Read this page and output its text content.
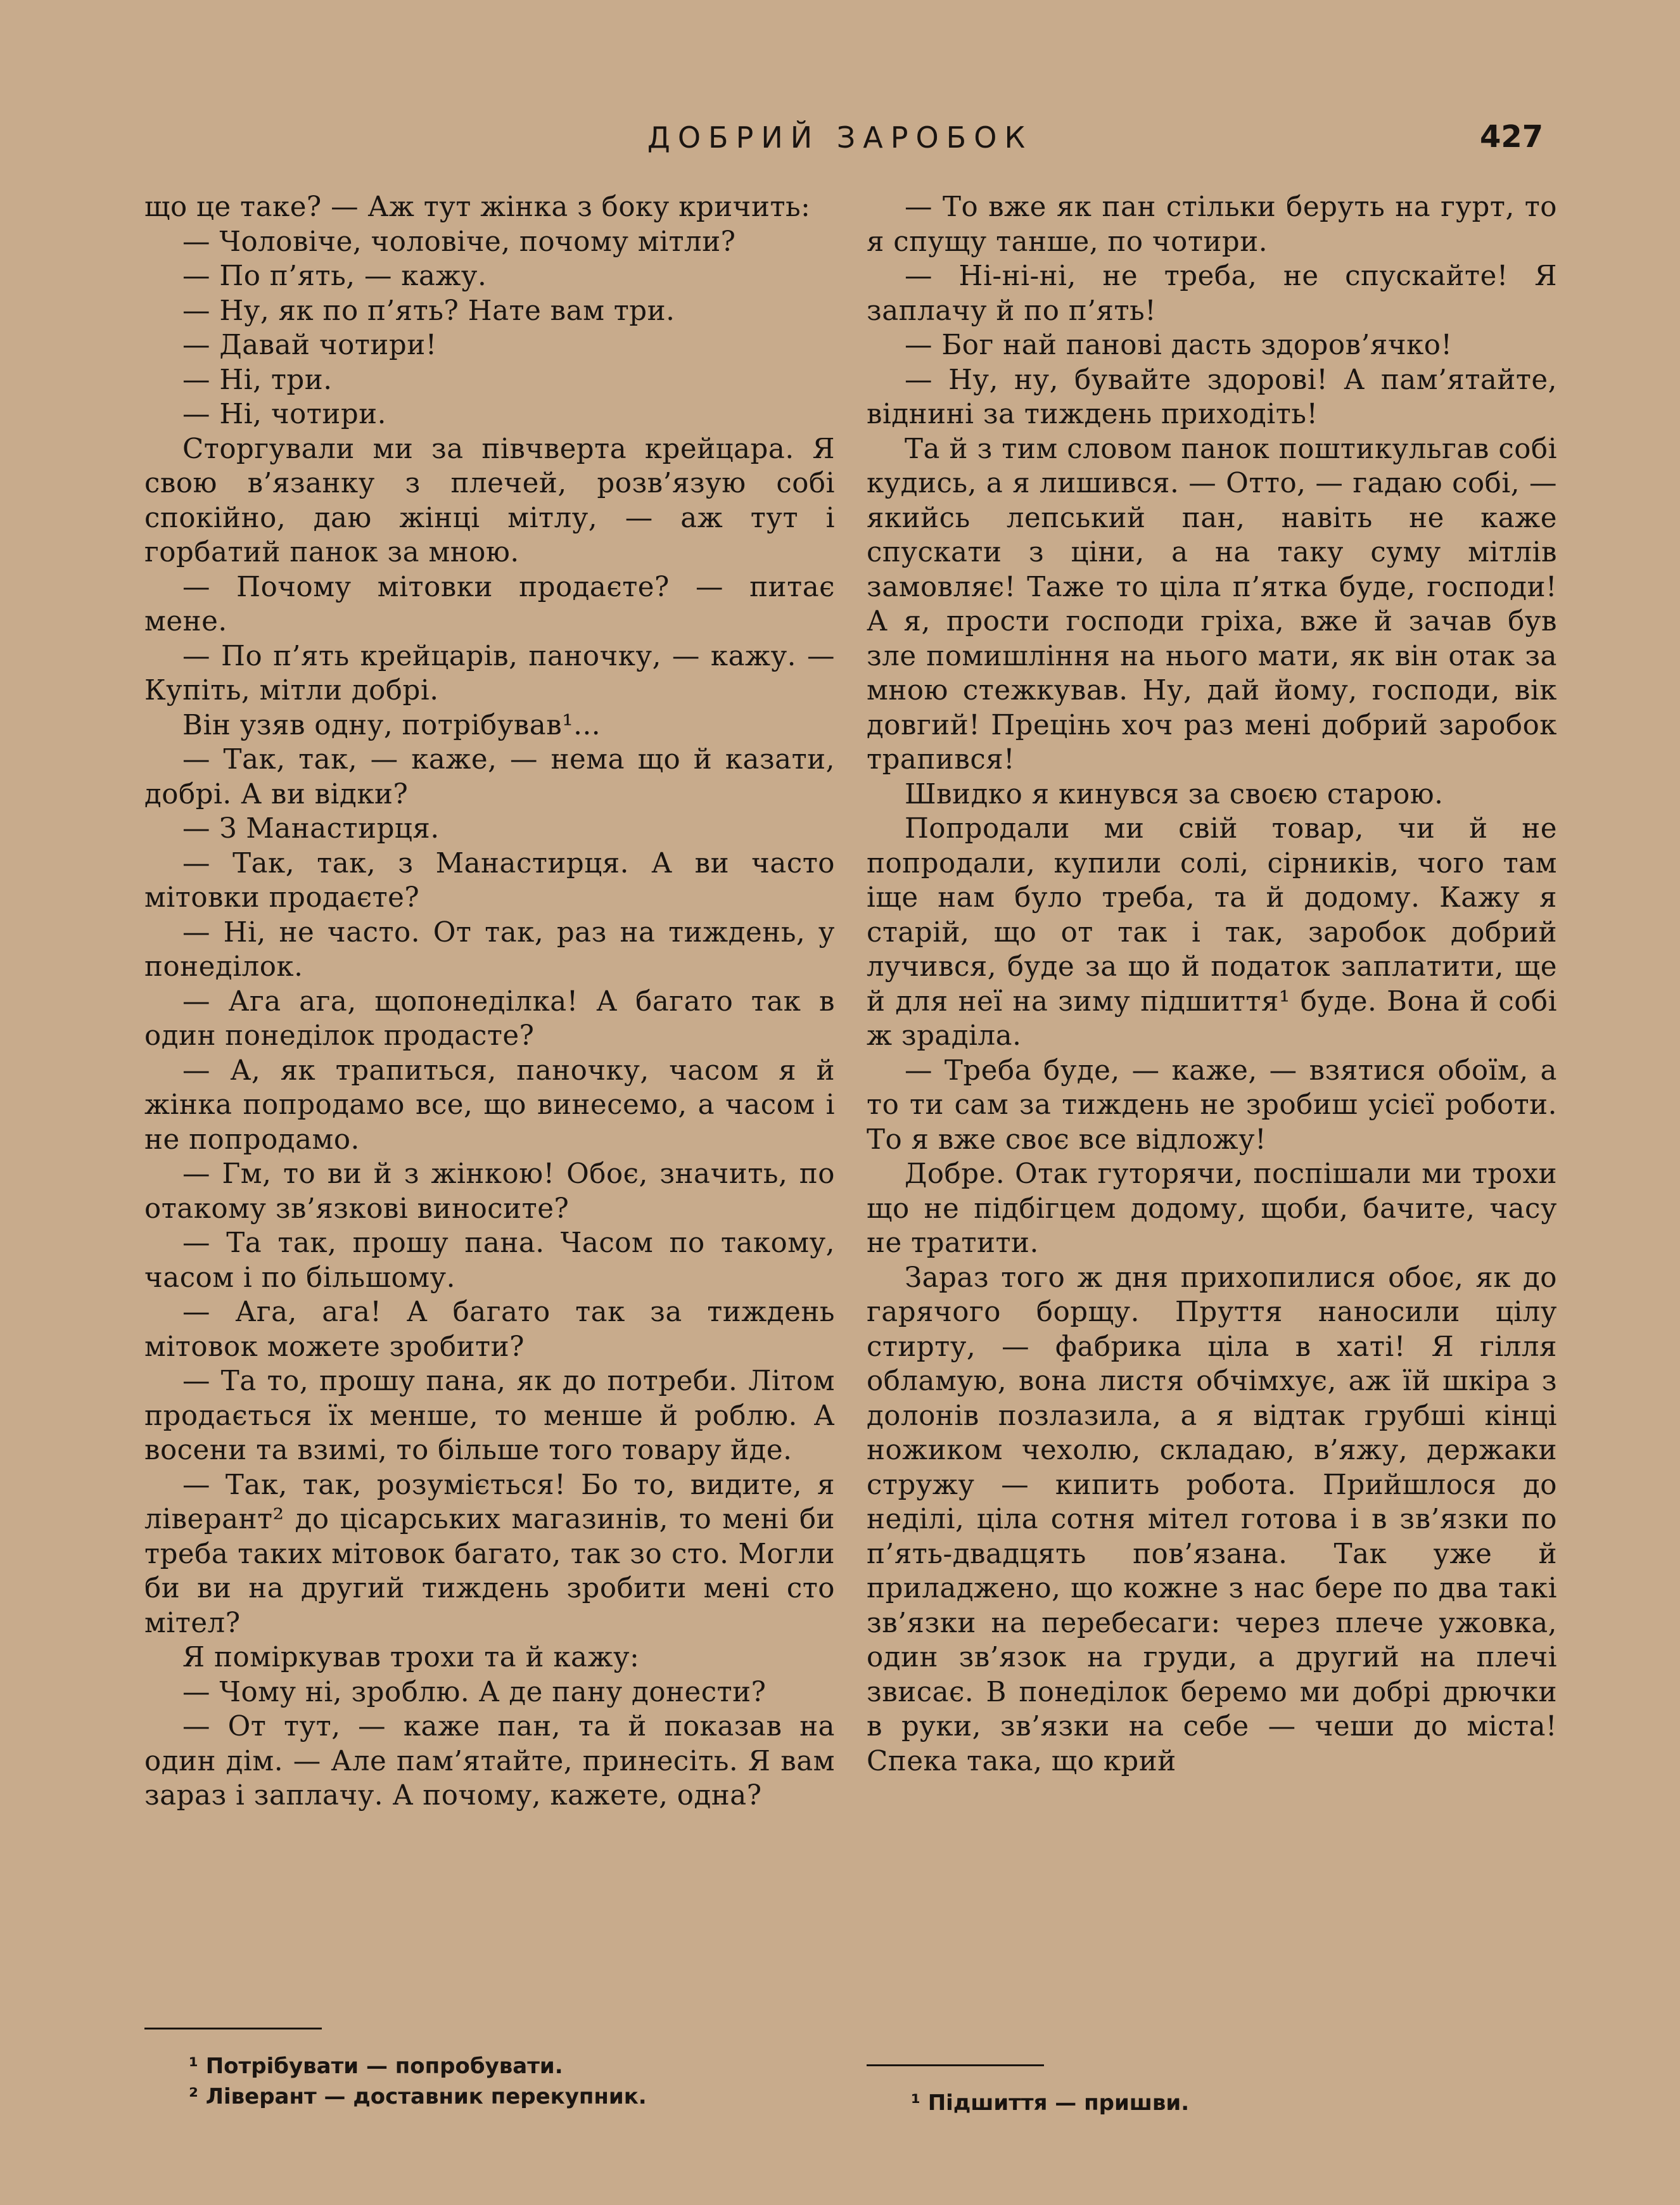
ДОБРИЙ ЗАРОБОК	427

що це таке? — Аж тут жінка з боку кричить:

— Чоловіче, чоловіче, почому мітли?

— По п’ять, — кажу.

— Ну, як по п’ять? Нате вам три.

— Давай чотири!

— Ні, три.

— Ні, чотири.

Сторгували ми за півчверта крейцара. Я свою в’язанку з плечей, розв’язую собі спокійно, даю жінці мітлу, — аж тут і горбатий панок за мною.

— Почому мітовки продаєте? — питає мене.

— По п’ять крейцарів, паночку, — кажу. — Купіть, мітли добрі.

Він узяв одну, потрібував¹...

— Так, так, — каже, — нема що й казати, добрі. А ви відки?

— З Манастирця.

— Так, так, з Манастирця. А ви часто мітовки продаєте?

— Ні, не часто. От так, раз на тиждень, у понеділок.

— Ага ага, щопонеділка! А багато так в один понеділок продасте?

— А, як трапиться, паночку, часом я й жінка попродамо все, що винесемо, а часом і не попродамо.

— Гм, то ви й з жінкою! Обоє, значить, по отакому зв’язкові виносите?

— Та так, прошу пана. Часом по такому, часом і по більшому.

— Ага, ага! А багато так за тиждень мітовок можете зробити?

— Та то, прошу пана, як до потреби. Літом продається їх менше, то менше й роблю. А восени та взимі, то більше того товару йде.

— Так, так, розуміється! Бо то, видите, я ліверант² до цісарських магазинів, то мені би треба таких мітовок багато, так зо сто. Могли би ви на другий тиждень зробити мені сто мітел?

Я поміркував трохи та й кажу:

— Чому ні, зроблю. А де пану донести?

— От тут, — каже пан, та й показав на один дім. — Але пам’ятайте, принесіть. Я вам зараз і заплачу. А почому, кажете, одна?

— То вже як пан стільки беруть на гурт, то я спущу танше, по чотири.

— Ні-ні-ні, не треба, не спускайте! Я заплачу й по п’ять!

— Бог най панові дасть здоров’ячко!

— Ну, ну, бувайте здорові! А пам’ятайте, віднині за тиждень приходіть!

Та й з тим словом панок поштикульгав собі кудись, а я лишився. — Отто, — гадаю собі, — якийсь лепський пан, навіть не каже спускати з ціни, а на таку суму мітлів замовляє! Таже то ціла п’ятка буде, господи! А я, прости господи гріха, вже й зачав був зле помишління на нього мати, як він отак за мною стежкував. Ну, дай йому, господи, вік довгий! Прецінь хоч раз мені добрий заробок трапився!

Швидко я кинувся за своєю старою.

Попродали ми свій товар, чи й не попродали, купили солі, сірників, чого там іще нам було треба, та й додому. Кажу я старій, що от так і так, заробок добрий лучився, буде за що й податок заплатити, ще й для неї на зиму підшиття¹ буде. Вона й собі ж зраділа.

— Треба буде, — каже, — взятися обоїм, а то ти сам за тиждень не зробиш усієї роботи. То я вже своє все відложу!

Добре. Отак гуторячи, поспішали ми трохи що не підбігцем додому, щоби, бачите, часу не тратити.

Зараз того ж дня прихопилися обоє, як до гарячого борщу. Пруття наносили цілу стирту, — фабрика ціла в хаті! Я гілля обламую, вона листя обчімхує, аж їй шкіра з долонів позлазила, а я відтак грубші кінці ножиком чехолю, складаю, в’яжу, держаки стружу — кипить робота. Прийшлося до неділі, ціла сотня мітел готова і в зв’язки по п’ять-двадцять пов’язана. Так уже й приладжено, що кожне з нас бере по два такі зв’язки на перебесаги: через плече ужовка, один зв’язок на груди, а другий на плечі звисає. В понеділок беремо ми добрі дрючки в руки, зв’язки на себе — чеши до міста! Спека така, що крий

¹ Потрібувати — попробувати.
² Ліверант — доставник перекупник.	¹ Підшиття — пришви.
